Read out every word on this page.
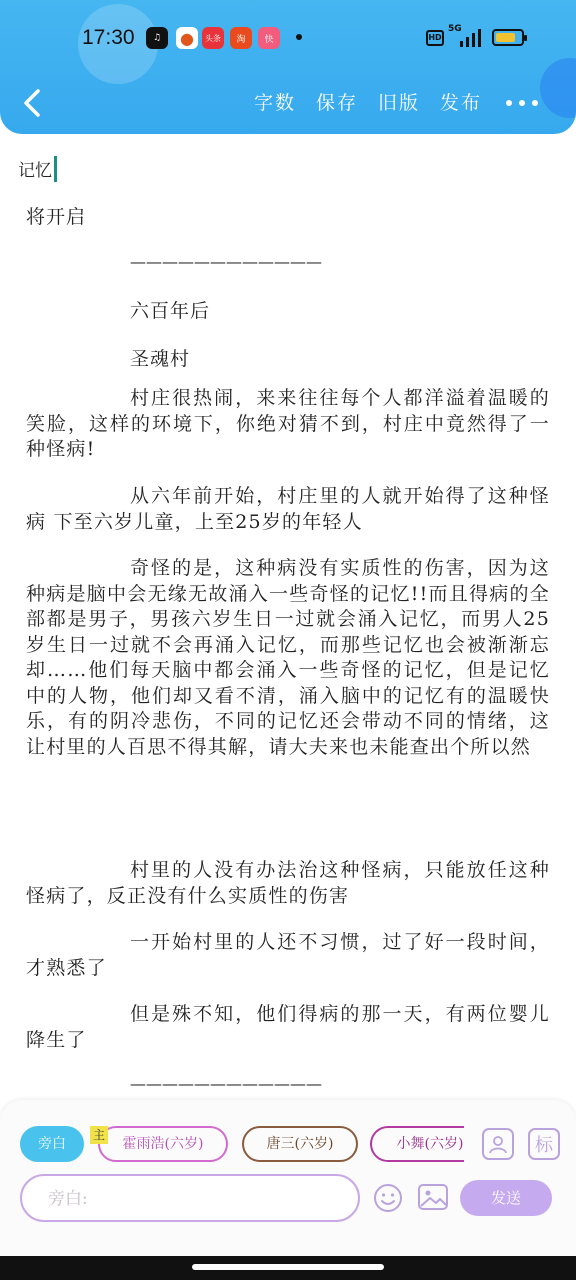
17:30	♫	●	头条	淘	快	HD
5G
字数 保存 旧版 发布
记忆
将开启
————————————
六百年后
圣魂村
村庄很热闹，来来往往每个人都洋溢着温暖的笑脸，这样的环境下，你绝对猜不到，村庄中竟然得了一种怪病!
从六年前开始，村庄里的人就开始得了这种怪病 下至六岁儿童，上至25岁的年轻人
奇怪的是，这种病没有实质性的伤害，因为这种病是脑中会无缘无故涌入一些奇怪的记忆!!而且得病的全部都是男子，男孩六岁生日一过就会涌入记忆，而男人25岁生日一过就不会再涌入记忆，而那些记忆也会被渐渐忘却……他们每天脑中都会涌入一些奇怪的记忆，但是记忆中的人物，他们却又看不清，涌入脑中的记忆有的温暖快乐，有的阴冷悲伤，不同的记忆还会带动不同的情绪，这让村里的人百思不得其解，请大夫来也未能查出个所以然
村里的人没有办法治这种怪病，只能放任这种怪病了，反正没有什么实质性的伤害
一开始村里的人还不习惯，过了好一段时间，才熟悉了
但是殊不知，他们得病的那一天，有两位婴儿降生了
————————————
旁白	霍雨浩(六岁)	唐三(六岁)	小舞(六岁)
主	标
旁白:
发送
